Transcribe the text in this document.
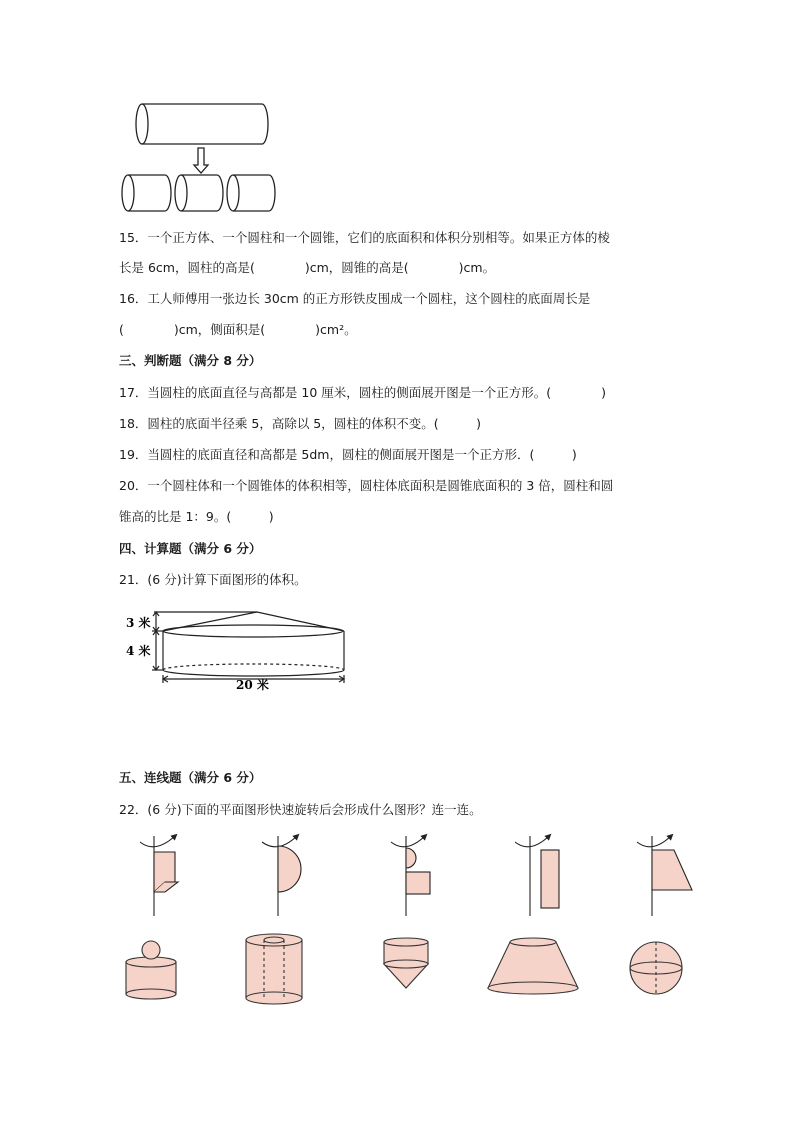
15．一个正方体、一个圆柱和一个圆锥，它们的底面积和体积分别相等。如果正方体的棱
长是 6cm，圆柱的高是(　　　　)cm，圆锥的高是(　　　　)cm。
16．工人师傅用一张边长 30cm 的正方形铁皮围成一个圆柱，这个圆柱的底面周长是
(　　　　)cm，侧面积是(　　　　)cm²。
三、判断题（满分 8 分）
17．当圆柱的底面直径与高都是 10 厘米，圆柱的侧面展开图是一个正方形。(　　　　)
18．圆柱的底面半径乘 5，高除以 5，圆柱的体积不变。(　　　)
19．当圆柱的底面直径和高都是 5dm，圆柱的侧面展开图是一个正方形．(　　　)
20．一个圆柱体和一个圆锥体的体积相等，圆柱体底面积是圆锥底面积的 3 倍，圆柱和圆
锥高的比是 1：9。(　　　)
四、计算题（满分 6 分）
21．(6 分)计算下面图形的体积。
3 米
4 米
20 米
五、连线题（满分 6 分）
22．(6 分)下面的平面图形快速旋转后会形成什么图形？连一连。
